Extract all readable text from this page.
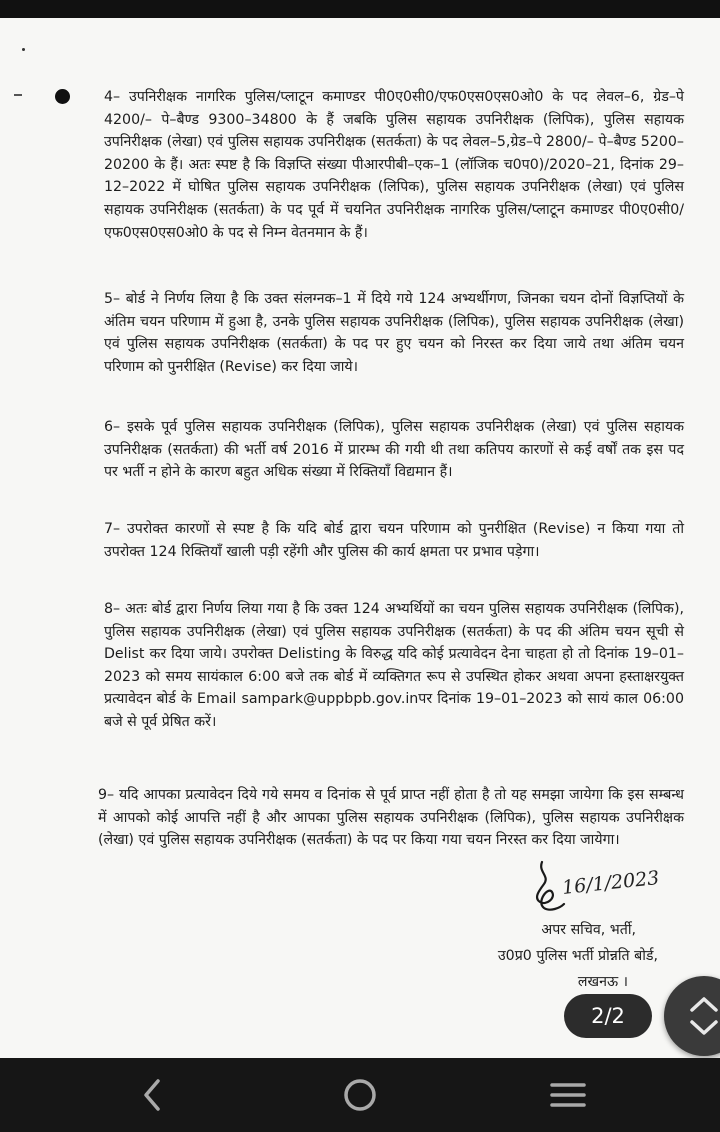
4– उपनिरीक्षक नागरिक पुलिस/प्लाटून कमाण्डर पी0ए0सी0/एफ0एस0एस0ओ0 के पद लेवल–6, ग्रेड–पे 4200/– पे–बैण्ड 9300–34800 के हैं जबकि पुलिस सहायक उपनिरीक्षक (लिपिक), पुलिस सहायक उपनिरीक्षक (लेखा) एवं पुलिस सहायक उपनिरीक्षक (सतर्कता) के पद लेवल–5,ग्रेड–पे 2800/– पे–बैण्ड 5200–20200 के हैं। अतः स्पष्ट है कि विज्ञप्ति संख्या पीआरपीबी–एक–1 (लॉजिक च0प0)/2020–21, दिनांक 29–12–2022 में घोषित पुलिस सहायक उपनिरीक्षक (लिपिक), पुलिस सहायक उपनिरीक्षक (लेखा) एवं पुलिस सहायक उपनिरीक्षक (सतर्कता) के पद पूर्व में चयनित उपनिरीक्षक नागरिक पुलिस/प्लाटून कमाण्डर पी0ए0सी0/एफ0एस0एस0ओ0 के पद से निम्न वेतनमान के हैं।
5– बोर्ड ने निर्णय लिया है कि उक्त संलग्नक–1 में दिये गये 124 अभ्यर्थीगण, जिनका चयन दोनों विज्ञप्तियों के अंतिम चयन परिणाम में हुआ है, उनके पुलिस सहायक उपनिरीक्षक (लिपिक), पुलिस सहायक उपनिरीक्षक (लेखा) एवं पुलिस सहायक उपनिरीक्षक (सतर्कता) के पद पर हुए चयन को निरस्त कर दिया जाये तथा अंतिम चयन परिणाम को पुनरीक्षित (Revise) कर दिया जाये।
6– इसके पूर्व पुलिस सहायक उपनिरीक्षक (लिपिक), पुलिस सहायक उपनिरीक्षक (लेखा) एवं पुलिस सहायक उपनिरीक्षक (सतर्कता) की भर्ती वर्ष 2016 में प्रारम्भ की गयी थी तथा कतिपय कारणों से कई वर्षों तक इस पद पर भर्ती न होने के कारण बहुत अधिक संख्या में रिक्तियाँ विद्यमान हैं।
7– उपरोक्त कारणों से स्पष्ट है कि यदि बोर्ड द्वारा चयन परिणाम को पुनरीक्षित (Revise) न किया गया तो उपरोक्त 124 रिक्तियाँ खाली पड़ी रहेंगी और पुलिस की कार्य क्षमता पर प्रभाव पड़ेगा।
8– अतः बोर्ड द्वारा निर्णय लिया गया है कि उक्त 124 अभ्यर्थियों का चयन पुलिस सहायक उपनिरीक्षक (लिपिक), पुलिस सहायक उपनिरीक्षक (लेखा) एवं पुलिस सहायक उपनिरीक्षक (सतर्कता) के पद की अंतिम चयन सूची से Delist कर दिया जाये। उपरोक्त Delisting के विरुद्ध यदि कोई प्रत्यावेदन देना चाहता हो तो दिनांक 19–01–2023 को समय सायंकाल 6:00 बजे तक बोर्ड में व्यक्तिगत रूप से उपस्थित होकर अथवा अपना हस्ताक्षरयुक्त प्रत्यावेदन बोर्ड के Email sampark@uppbpb.gov.inपर दिनांक 19–01–2023 को सायं काल 06:00 बजे से पूर्व प्रेषित करें।
9– यदि आपका प्रत्यावेदन दिये गये समय व दिनांक से पूर्व प्राप्त नहीं होता है तो यह समझा जायेगा कि इस सम्बन्ध में आपको कोई आपत्ति नहीं है और आपका पुलिस सहायक उपनिरीक्षक (लिपिक), पुलिस सहायक उपनिरीक्षक (लेखा) एवं पुलिस सहायक उपनिरीक्षक (सतर्कता) के पद पर किया गया चयन निरस्त कर दिया जायेगा।
16/1/2023
अपर सचिव, भर्ती,
उ0प्र0 पुलिस भर्ती प्रोन्नति बोर्ड,
लखनऊ ।
2/2
